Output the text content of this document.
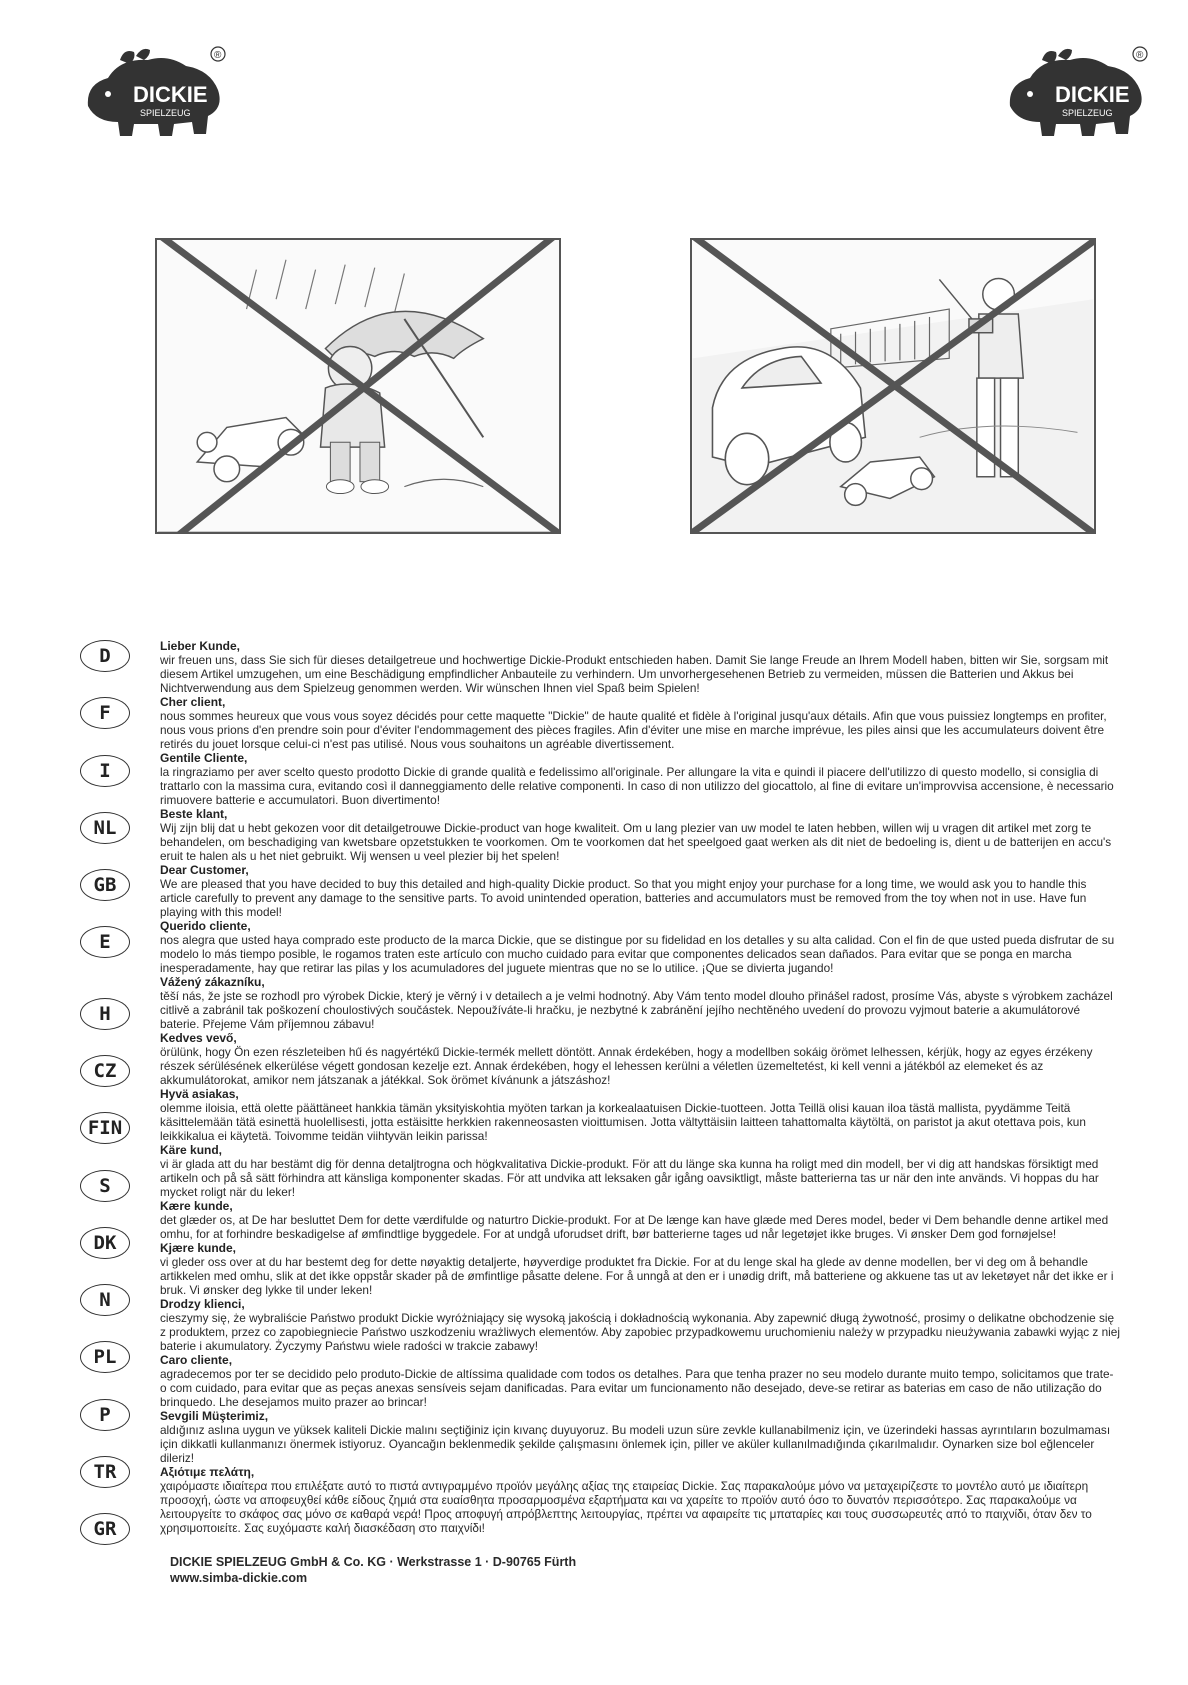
DICKIE
SPIELZEUG
®
DICKIE
SPIELZEUG
®
D
F
I
NL
GB
E
H
CZ
FIN
S
DK
N
PL
P
TR
GR
Lieber Kunde,

wir freuen uns, dass Sie sich für dieses detailgetreue und hochwertige Dickie-Produkt entschieden haben. Damit Sie lange Freude an Ihrem Modell haben, bitten wir Sie, sorgsam mit diesem Artikel umzugehen, um eine Beschädigung empfindlicher Anbauteile zu verhindern. Um unvorhergesehenen Betrieb zu vermeiden, müssen die Batterien und Akkus bei Nichtverwendung aus dem Spielzeug genommen werden. Wir wünschen Ihnen viel Spaß beim Spielen!

Cher client,

nous sommes heureux que vous vous soyez décidés pour cette maquette "Dickie" de haute qualité et fidèle à l'original jusqu'aux détails. Afin que vous puissiez longtemps en profiter, nous vous prions d'en prendre soin pour d'éviter l'endommagement des pièces fragiles. Afin d'éviter une mise en marche imprévue, les piles ainsi que les accumulateurs doivent être retirés du jouet lorsque celui-ci n'est pas utilisé. Nous vous souhaitons un agréable divertissement.

Gentile Cliente,

la ringraziamo per aver scelto questo prodotto Dickie di grande qualità e fedelissimo all'originale. Per allungare la vita e quindi il piacere dell'utilizzo di questo modello, si consiglia di trattarlo con la massima cura, evitando così il danneggiamento delle relative componenti. In caso di non utilizzo del giocattolo, al fine di evitare un'improvvisa accensione, è necessario rimuovere batterie e accumulatori. Buon divertimento!

Beste klant,

Wij zijn blij dat u hebt gekozen voor dit detailgetrouwe Dickie-product van hoge kwaliteit. Om u lang plezier van uw model te laten hebben, willen wij u vragen dit artikel met zorg te behandelen, om beschadiging van kwetsbare opzetstukken te voorkomen. Om te voorkomen dat het speelgoed gaat werken als dit niet de bedoeling is, dient u de batterijen en accu's eruit te halen als u het niet gebruikt. Wij wensen u veel plezier bij het spelen!

Dear Customer,

We are pleased that you have decided to buy this detailed and high-quality Dickie product. So that you might enjoy your purchase for a long time, we would ask you to handle this article carefully to prevent any damage to the sensitive parts. To avoid unintended operation, batteries and accumulators must be removed from the toy when not in use. Have fun playing with this model!

Querido cliente,

nos alegra que usted haya comprado este producto de la marca Dickie, que se distingue por su fidelidad en los detalles y su alta calidad. Con el fin de que usted pueda disfrutar de su modelo lo más tiempo posible, le rogamos traten este artículo con mucho cuidado para evitar que componentes delicados sean dañados. Para evitar que se ponga en marcha inesperadamente, hay que retirar las pilas y los acumuladores del juguete mientras que no se lo utilice. ¡Que se divierta jugando!

Vážený zákazníku,

těší nás, že jste se rozhodl pro výrobek Dickie, který je věrný i v detailech a je velmi hodnotný. Aby Vám tento model dlouho přinášel radost, prosíme Vás, abyste s výrobkem zacházel citlivě a zabránil tak poškození choulostivých součástek. Nepoužíváte-li hračku, je nezbytné k zabránění jejího nechtěného uvedení do provozu vyjmout baterie a akumulátorové baterie. Přejeme Vám příjemnou zábavu!

Kedves vevő,

örülünk, hogy Ön ezen részleteiben hű és nagyértékű Dickie-termék mellett döntött. Annak érdekében, hogy a modellben sokáig örömet lelhessen, kérjük, hogy az egyes érzékeny részek sérülésének elkerülése végett gondosan kezelje ezt. Annak érdekében, hogy el lehessen kerülni a véletlen üzemeltetést, ki kell venni a játékból az elemeket és az akkumulátorokat, amikor nem játszanak a játékkal. Sok örömet kívánunk a játszáshoz!

Hyvä asiakas,

olemme iloisia, että olette päättäneet hankkia tämän yksityiskohtia myöten tarkan ja korkealaatuisen Dickie-tuotteen. Jotta Teillä olisi kauan iloa tästä mallista, pyydämme Teitä käsittelemään tätä esinettä huolellisesti, jotta estäisitte herkkien rakenneosasten vioittumisen. Jotta vältyttäisiin laitteen tahattomalta käytöltä, on paristot ja akut otettava pois, kun leikkikalua ei käytetä. Toivomme teidän viihtyvän leikin parissa!

Käre kund,

vi är glada att du har bestämt dig för denna detaljtrogna och högkvalitativa Dickie-produkt. För att du länge ska kunna ha roligt med din modell, ber vi dig att handskas försiktigt med artikeln och på så sätt förhindra att känsliga komponenter skadas. För att undvika att leksaken går igång oavsiktligt, måste batterierna tas ur när den inte används. Vi hoppas du har mycket roligt när du leker!

Kære kunde,

det glæder os, at De har besluttet Dem for dette værdifulde og naturtro Dickie-produkt. For at De længe kan have glæde med Deres model, beder vi Dem behandle denne artikel med omhu, for at forhindre beskadigelse af ømfindtlige byggedele. For at undgå uforudset drift, bør batterierne tages ud når legetøjet ikke bruges. Vi ønsker Dem god fornøjelse!

Kjære kunde,

vi gleder oss over at du har bestemt deg for dette nøyaktig detaljerte, høyverdige produktet fra Dickie. For at du lenge skal ha glede av denne modellen, ber vi deg om å behandle artikkelen med omhu, slik at det ikke oppstår skader på de ømfintlige påsatte delene. For å unngå at den er i unødig drift, må batteriene og akkuene tas ut av leketøyet når det ikke er i bruk. Vi ønsker deg lykke til under leken!

Drodzy klienci,

cieszymy się, że wybraliście Państwo produkt Dickie wyróżniający się wysoką jakością i dokładnością wykonania. Aby zapewnić długą żywotność, prosimy o delikatne obchodzenie się z produktem, przez co zapobiegniecie Państwo uszkodzeniu wrażliwych elementów. Aby zapobiec przypadkowemu uruchomieniu należy w przypadku nieużywania zabawki wyjąc z niej baterie i akumulatory. Życzymy Państwu wiele radości w trakcie zabawy!

Caro cliente,

agradecemos por ter se decidido pelo produto-Dickie de altíssima qualidade com todos os detalhes. Para que tenha prazer no seu modelo durante muito tempo, solicitamos que trate-o com cuidado, para evitar que as peças anexas sensíveis sejam danificadas. Para evitar um funcionamento não desejado, deve-se retirar as baterias em caso de não utilização do brinquedo. Lhe desejamos muito prazer ao brincar!

Sevgili Müşterimiz,

aldığınız aslına uygun ve yüksek kaliteli Dickie malını seçtiğiniz için kıvanç duyuyoruz. Bu modeli uzun süre zevkle kullanabilmeniz için, ve üzerindeki hassas ayrıntıların bozulmaması için dikkatli kullanmanızı önermek istiyoruz. Oyancağın beklenmedik şekilde çalışmasını önlemek için, piller ve aküler kullanılmadığında çıkarılmalıdır. Oynarken size bol eğlenceler dileriz!

Αξιότιμε πελάτη,

χαιρόμαστε ιδιαίτερα που επιλέξατε αυτό το πιστά αντιγραμμένο προϊόν μεγάλης αξίας της εταιρείας Dickie. Σας παρακαλούμε μόνο να μεταχειρίζεστε το μοντέλο αυτό με ιδιαίτερη προσοχή, ώστε να αποφευχθεί κάθε είδους ζημιά στα ευαίσθητα προσαρμοσμένα εξαρτήματα και να χαρείτε το προϊόν αυτό όσο το δυνατόν περισσότερο. Σας παρακαλούμε να λειτουργείτε το σκάφος σας μόνο σε καθαρά νερά! Προς αποφυγή απρόβλεπτης λειτουργίας, πρέπει να αφαιρείτε τις μπαταρίες και τους συσσωρευτές από το παιχνίδι, όταν δεν το χρησιμοποιείτε. Σας ευχόμαστε καλή διασκέδαση στο παιχνίδι!

DICKIE SPIELZEUG GmbH & Co. KG · Werkstrasse 1 · D-90765 Fürth
www.simba-dickie.com
